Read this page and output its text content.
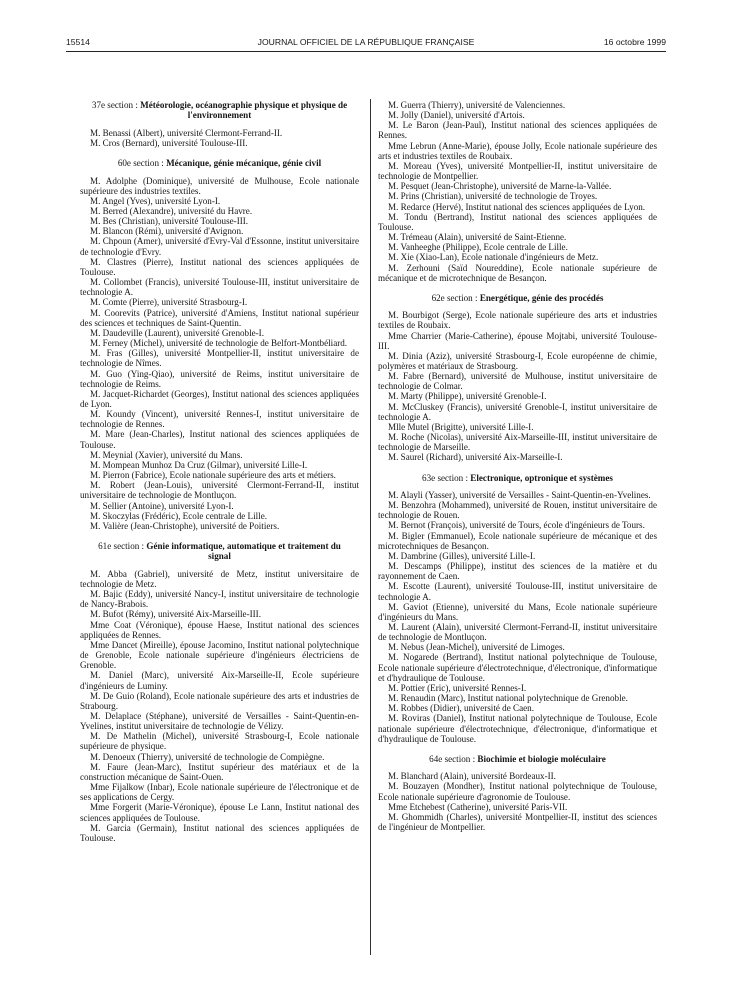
15514	JOURNAL OFFICIEL DE LA RÉPUBLIQUE FRANÇAISE	16 octobre 1999
37e section : Météorologie, océanographie physique et physique de l'environnement

M. Benassi (Albert), université Clermont-Ferrand-II.

M. Cros (Bernard), université Toulouse-III.

60e section : Mécanique, génie mécanique, génie civil

M. Adolphe (Dominique), université de Mulhouse, Ecole nationale supérieure des industries textiles.

M. Angel (Yves), université Lyon-I.

M. Berred (Alexandre), université du Havre.

M. Bes (Christian), université Toulouse-III.

M. Blancon (Rémi), université d'Avignon.

M. Chpoun (Amer), université d'Evry-Val d'Essonne, institut universitaire de technologie d'Evry.

M. Clastres (Pierre), Institut national des sciences appliquées de Toulouse.

M. Collombet (Francis), université Toulouse-III, institut universitaire de technologie A.

M. Comte (Pierre), université Strasbourg-I.

M. Coorevits (Patrice), université d'Amiens, Institut national supérieur des sciences et techniques de Saint-Quentin.

M. Daudeville (Laurent), université Grenoble-I.

M. Ferney (Michel), université de technologie de Belfort-Montbéliard.

M. Fras (Gilles), université Montpellier-II, institut universitaire de technologie de Nîmes.

M. Guo (Ying-Qiao), université de Reims, institut universitaire de technologie de Reims.

M. Jacquet-Richardet (Georges), Institut national des sciences appliquées de Lyon.

M. Koundy (Vincent), université Rennes-I, institut universitaire de technologie de Rennes.

M. Mare (Jean-Charles), Institut national des sciences appliquées de Toulouse.

M. Meynial (Xavier), université du Mans.

M. Mompean Munhoz Da Cruz (Gilmar), université Lille-I.

M. Pierron (Fabrice), Ecole nationale supérieure des arts et métiers.

M. Robert (Jean-Louis), université Clermont-Ferrand-II, institut universitaire de technologie de Montluçon.

M. Sellier (Antoine), université Lyon-I.

M. Skoczylas (Frédéric), Ecole centrale de Lille.

M. Valière (Jean-Christophe), université de Poitiers.

61e section : Génie informatique, automatique et traitement du signal

M. Abba (Gabriel), université de Metz, institut universitaire de technologie de Metz.

M. Bajic (Eddy), université Nancy-I, institut universitaire de technologie de Nancy-Brabois.

M. Bufot (Rémy), université Aix-Marseille-III.

Mme Coat (Véronique), épouse Haese, Institut national des sciences appliquées de Rennes.

Mme Dancet (Mireille), épouse Jacomino, Institut national polytechnique de Grenoble, Ecole nationale supérieure d'ingénieurs électriciens de Grenoble.

M. Daniel (Marc), université Aix-Marseille-II, Ecole supérieure d'ingénieurs de Luminy.

M. De Guio (Roland), Ecole nationale supérieure des arts et industries de Strabourg.

M. Delaplace (Stéphane), université de Versailles - Saint-Quentin-en-Yvelines, institut universitaire de technologie de Vélizy.

M. De Mathelin (Michel), université Strasbourg-I, Ecole nationale supérieure de physique.

M. Denoeux (Thierry), université de technologie de Compiègne.

M. Faure (Jean-Marc), Institut supérieur des matériaux et de la construction mécanique de Saint-Ouen.

Mme Fijalkow (Inbar), Ecole nationale supérieure de l'électronique et de ses applications de Cergy.

Mme Forgerit (Marie-Véronique), épouse Le Lann, Institut national des sciences appliquées de Toulouse.

M. Garcia (Germain), Institut national des sciences appliquées de Toulouse.

M. Guerra (Thierry), université de Valenciennes.

M. Jolly (Daniel), université d'Artois.

M. Le Baron (Jean-Paul), Institut national des sciences appliquées de Rennes.

Mme Lebrun (Anne-Marie), épouse Jolly, Ecole nationale supérieure des arts et industries textiles de Roubaix.

M. Moreau (Yves), université Montpellier-II, institut universitaire de technologie de Montpellier.

M. Pesquet (Jean-Christophe), université de Marne-la-Vallée.

M. Prins (Christian), université de technologie de Troyes.

M. Redarce (Hervé), Institut national des sciences appliquées de Lyon.

M. Tondu (Bertrand), Institut national des sciences appliquées de Toulouse.

M. Trémeau (Alain), université de Saint-Etienne.

M. Vanheeghe (Philippe), Ecole centrale de Lille.

M. Xie (Xiao-Lan), Ecole nationale d'ingénieurs de Metz.

M. Zerhouni (Saïd Noureddine), Ecole nationale supérieure de mécanique et de microtechnique de Besançon.

62e section : Energétique, génie des procédés

M. Bourbigot (Serge), Ecole nationale supérieure des arts et industries textiles de Roubaix.

Mme Charrier (Marie-Catherine), épouse Mojtabi, université Toulouse-III.

M. Dinia (Aziz), université Strasbourg-I, Ecole européenne de chimie, polymères et matériaux de Strasbourg.

M. Fabre (Bernard), université de Mulhouse, institut universitaire de technologie de Colmar.

M. Marty (Philippe), université Grenoble-I.

M. McCluskey (Francis), université Grenoble-I, institut universitaire de technologie A.

Mlle Mutel (Brigitte), université Lille-I.

M. Roche (Nicolas), université Aix-Marseille-III, institut universitaire de technologie de Marseille.

M. Saurel (Richard), université Aix-Marseille-I.

63e section : Electronique, optronique et systèmes

M. Alayli (Yasser), université de Versailles - Saint-Quentin-en-Yvelines.

M. Benzohra (Mohammed), université de Rouen, institut universitaire de technologie de Rouen.

M. Bernot (François), université de Tours, école d'ingénieurs de Tours.

M. Bigler (Emmanuel), Ecole nationale supérieure de mécanique et des microtechniques de Besançon.

M. Dambrine (Gilles), université Lille-I.

M. Descamps (Philippe), institut des sciences de la matière et du rayonnement de Caen.

M. Escotte (Laurent), université Toulouse-III, institut universitaire de technologie A.

M. Gaviot (Etienne), université du Mans, Ecole nationale supérieure d'ingénieurs du Mans.

M. Laurent (Alain), université Clermont-Ferrand-II, institut universitaire de technologie de Montluçon.

M. Nebus (Jean-Michel), université de Limoges.

M. Nogarede (Bertrand), Institut national polytechnique de Toulouse, Ecole nationale supérieure d'électrotechnique, d'électronique, d'informatique et d'hydraulique de Toulouse.

M. Pottier (Eric), université Rennes-I.

M. Renaudin (Marc), Institut national polytechnique de Grenoble.

M. Robbes (Didier), université de Caen.

M. Roviras (Daniel), Institut national polytechnique de Toulouse, Ecole nationale supérieure d'électrotechnique, d'électronique, d'informatique et d'hydraulique de Toulouse.

64e section : Biochimie et biologie moléculaire

M. Blanchard (Alain), université Bordeaux-II.

M. Bouzayen (Mondher), Institut national polytechnique de Toulouse, Ecole nationale supérieure d'agronomie de Toulouse.

Mme Etchebest (Catherine), université Paris-VII.

M. Ghommidh (Charles), université Montpellier-II, institut des sciences de l'ingénieur de Montpellier.
